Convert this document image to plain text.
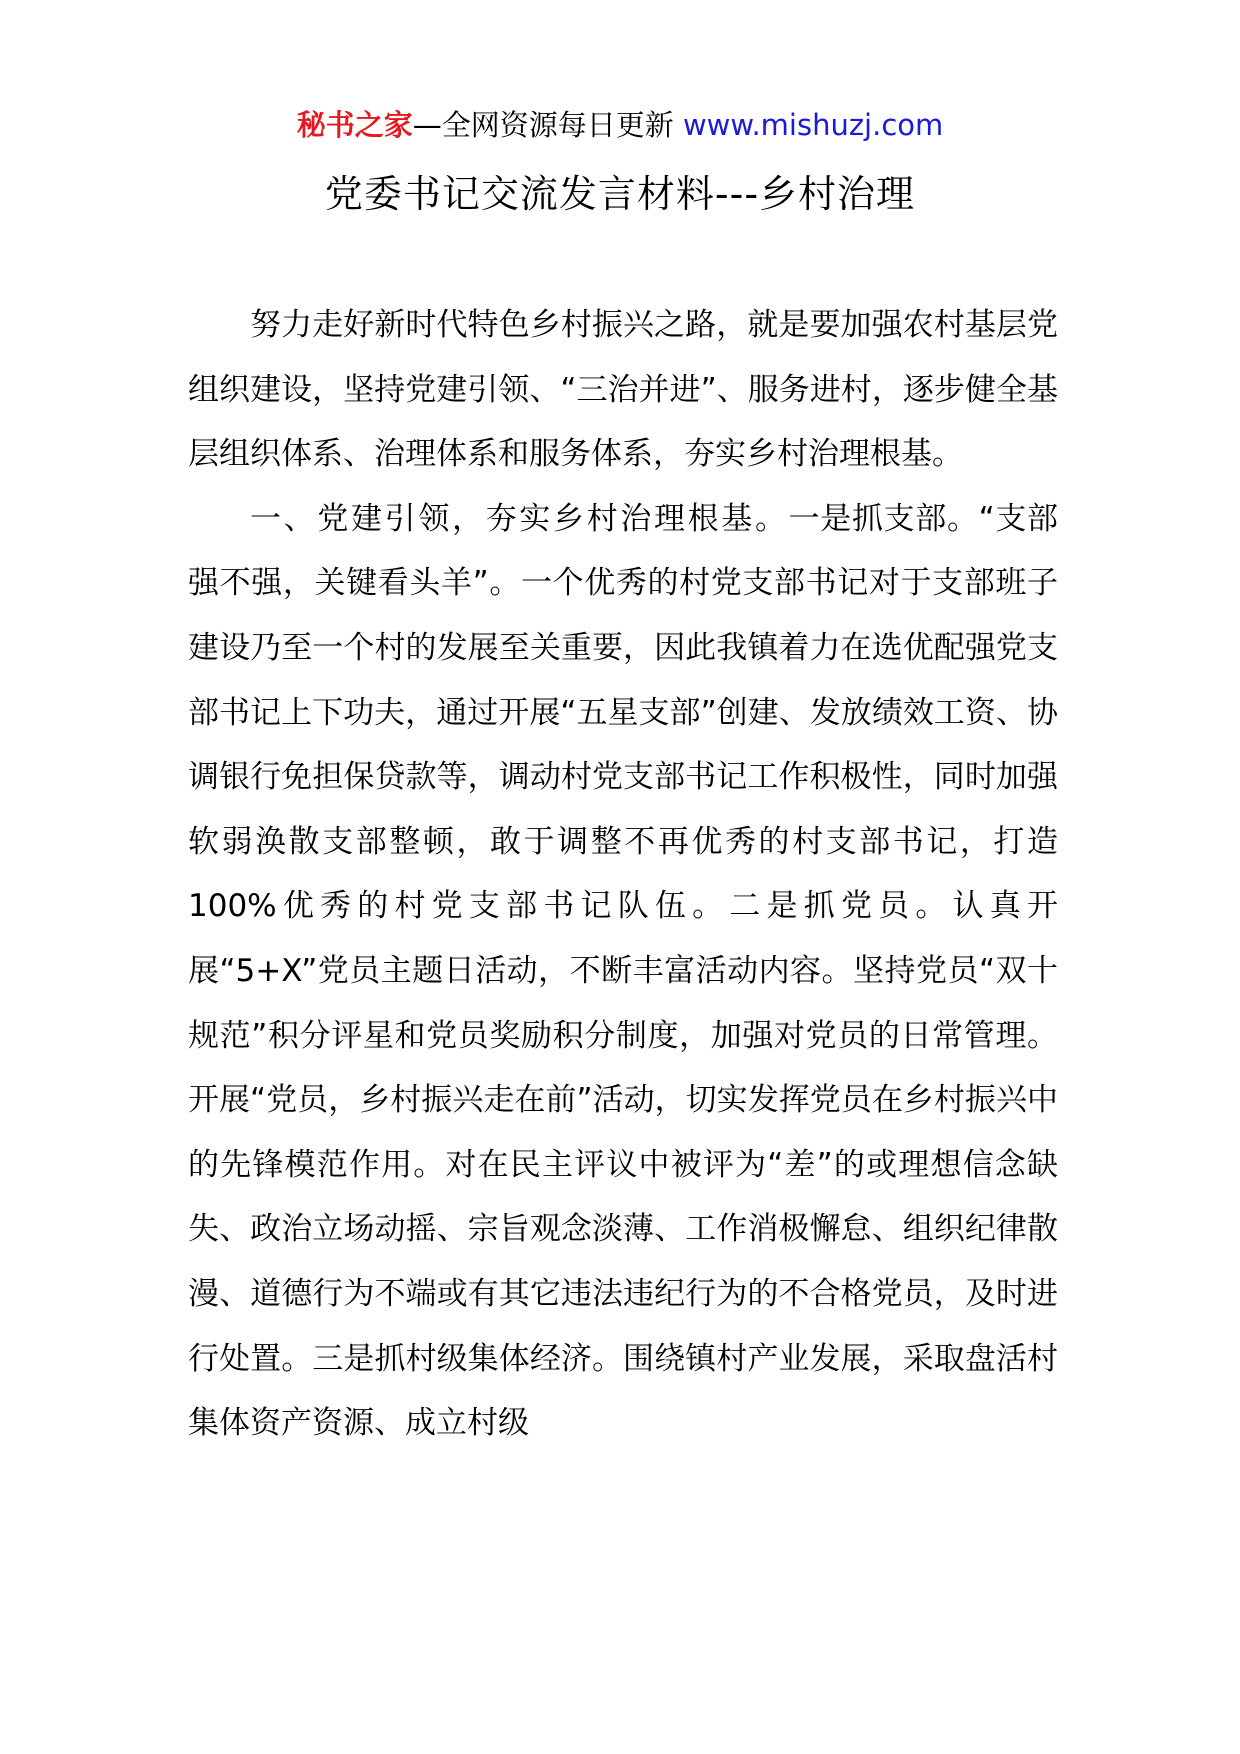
秘书之家—全网资源每日更新 www.mishuzj.com
党委书记交流发言材料---乡村治理

努力走好新时代特色乡村振兴之路，就是要加强农村基层党组织建设，坚持党建引领、“三治并进”、服务进村，逐步健全基层组织体系、治理体系和服务体系，夯实乡村治理根基。

一、党建引领，夯实乡村治理根基。一是抓支部。“支部强不强，关键看头羊”。一个优秀的村党支部书记对于支部班子建设乃至一个村的发展至关重要，因此我镇着力在选优配强党支部书记上下功夫，通过开展“五星支部”创建、发放绩效工资、协调银行免担保贷款等，调动村党支部书记工作积极性，同时加强软弱涣散支部整顿，敢于调整不再优秀的村支部书记，打造100%优秀的村党支部书记队伍。二是抓党员。认真开展“5+X”党员主题日活动，不断丰富活动内容。坚持党员“双十规范”积分评星和党员奖励积分制度，加强对党员的日常管理。开展“党员，乡村振兴走在前”活动，切实发挥党员在乡村振兴中的先锋模范作用。对在民主评议中被评为“差”的或理想信念缺失、政治立场动摇、宗旨观念淡薄、工作消极懈怠、组织纪律散漫、道德行为不端或有其它违法违纪行为的不合格党员，及时进行处置。三是抓村级集体经济。围绕镇村产业发展，采取盘活村集体资产资源、成立村级
